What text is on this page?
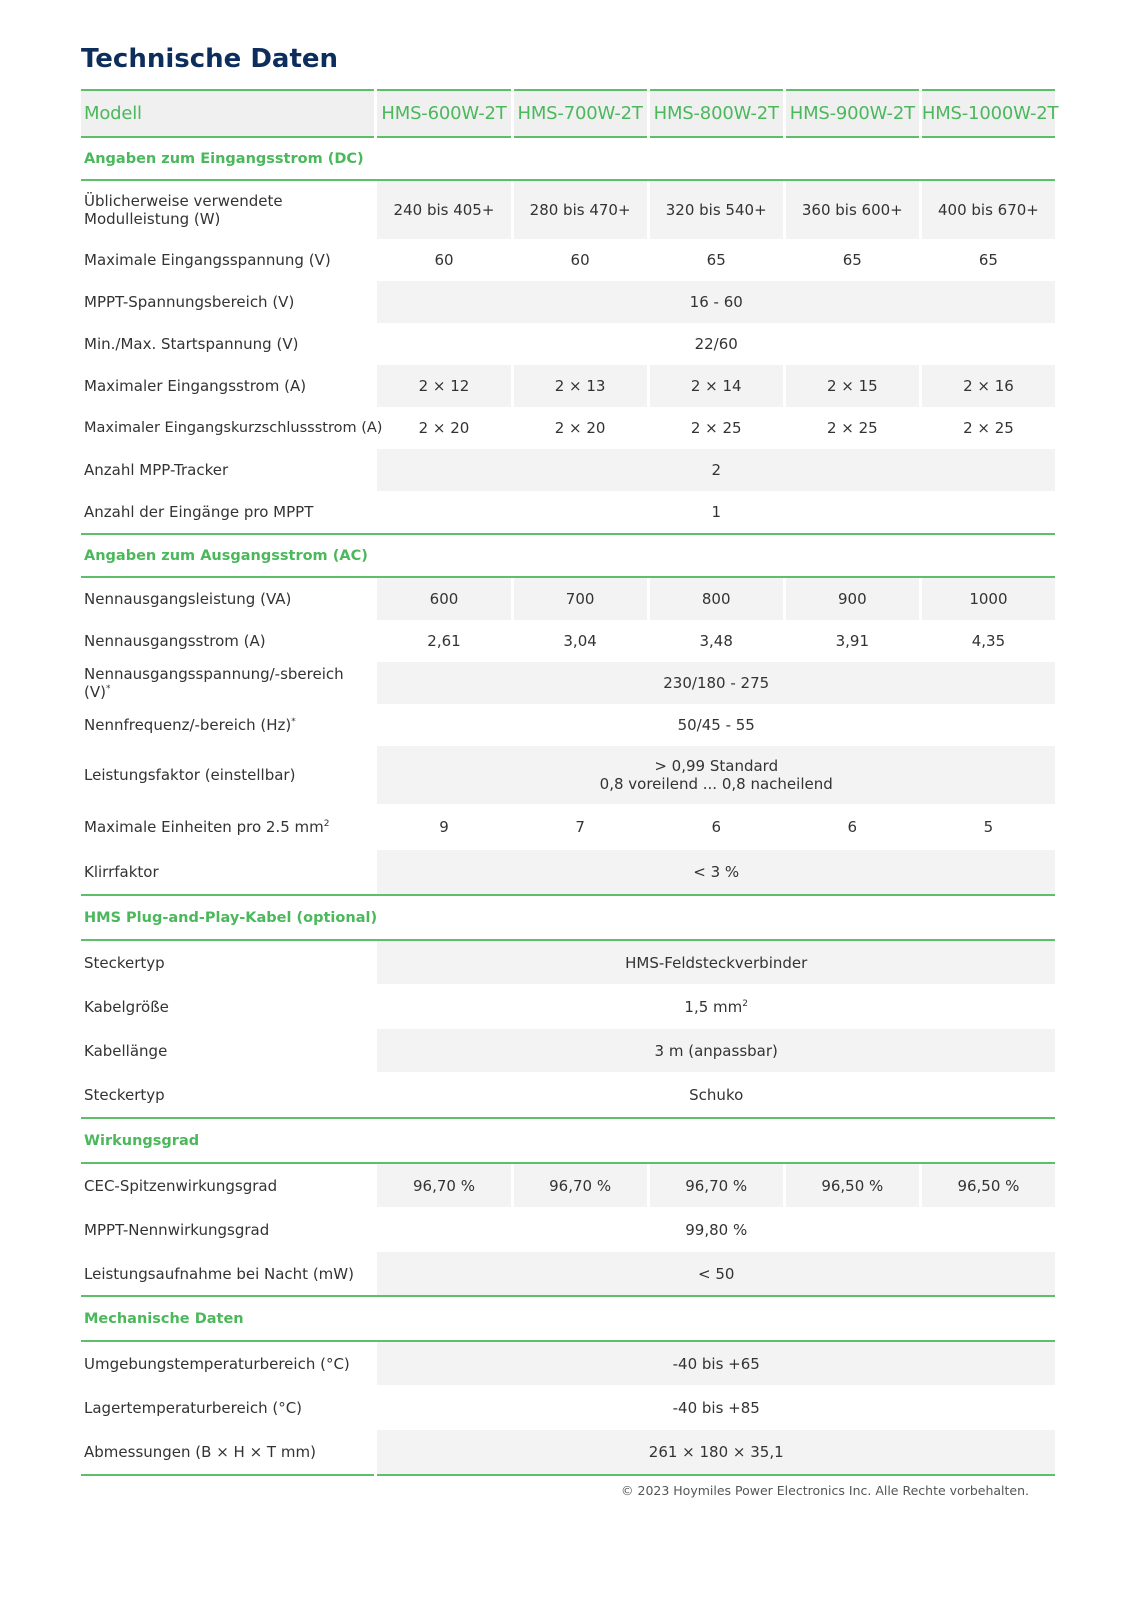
Technische Daten
Modell	HMS-600W-2T	HMS-700W-2T	HMS-800W-2T	HMS-900W-2T	HMS-1000W-2T
Angaben zum Eingangsstrom (DC)					
Üblicherweise verwendete
Modulleistung (W)	240 bis 405+	280 bis 470+	320 bis 540+	360 bis 600+	400 bis 670+
Maximale Eingangsspannung (V)	60	60	65	65	65
MPPT-Spannungsbereich (V)	16 - 60				
Min./Max. Startspannung (V)	22/60				
Maximaler Eingangsstrom (A)	2 × 12	2 × 13	2 × 14	2 × 15	2 × 16
Maximaler Eingangskurzschlussstrom (A)	2 × 20	2 × 20	2 × 25	2 × 25	2 × 25
Anzahl MPP-Tracker	2				
Anzahl der Eingänge pro MPPT	1				
Angaben zum Ausgangsstrom (AC)					
Nennausgangsleistung (VA)	600	700	800	900	1000
Nennausgangsstrom (A)	2,61	3,04	3,48	3,91	4,35
Nennausgangsspannung/-sbereich (V)*	230/180 - 275				
Nennfrequenz/-bereich (Hz)*	50/45 - 55				
Leistungsfaktor (einstellbar)	> 0,99 Standard
0,8 voreilend ... 0,8 nacheilend				
Maximale Einheiten pro 2.5 $mm^2$	9	7	6	6	5
Klirrfaktor	< 3 %				
HMS Plug-and-Play-Kabel (optional)					
Steckertyp	HMS-Feldsteckverbinder				
Kabelgröße	1,5 $mm^2$
Kabellänge	3 m (anpassbar)				
Steckertyp	Schuko				
Wirkungsgrad					
CEC-Spitzenwirkungsgrad	96,70 %	96,70 %	96,70 %	96,50 %	96,50 %
MPPT-Nennwirkungsgrad	99,80 %				
Leistungsaufnahme bei Nacht (mW)	< 50				
Mechanische Daten					
Umgebungstemperaturbereich (°C)	-40 bis +65				
Lagertemperaturbereich (°C)	-40 bis +85				
Abmessungen (B × H × T mm)	261 × 180 × 35,1				
© 2023 Hoymiles Power Electronics Inc. Alle Rechte vorbehalten.
